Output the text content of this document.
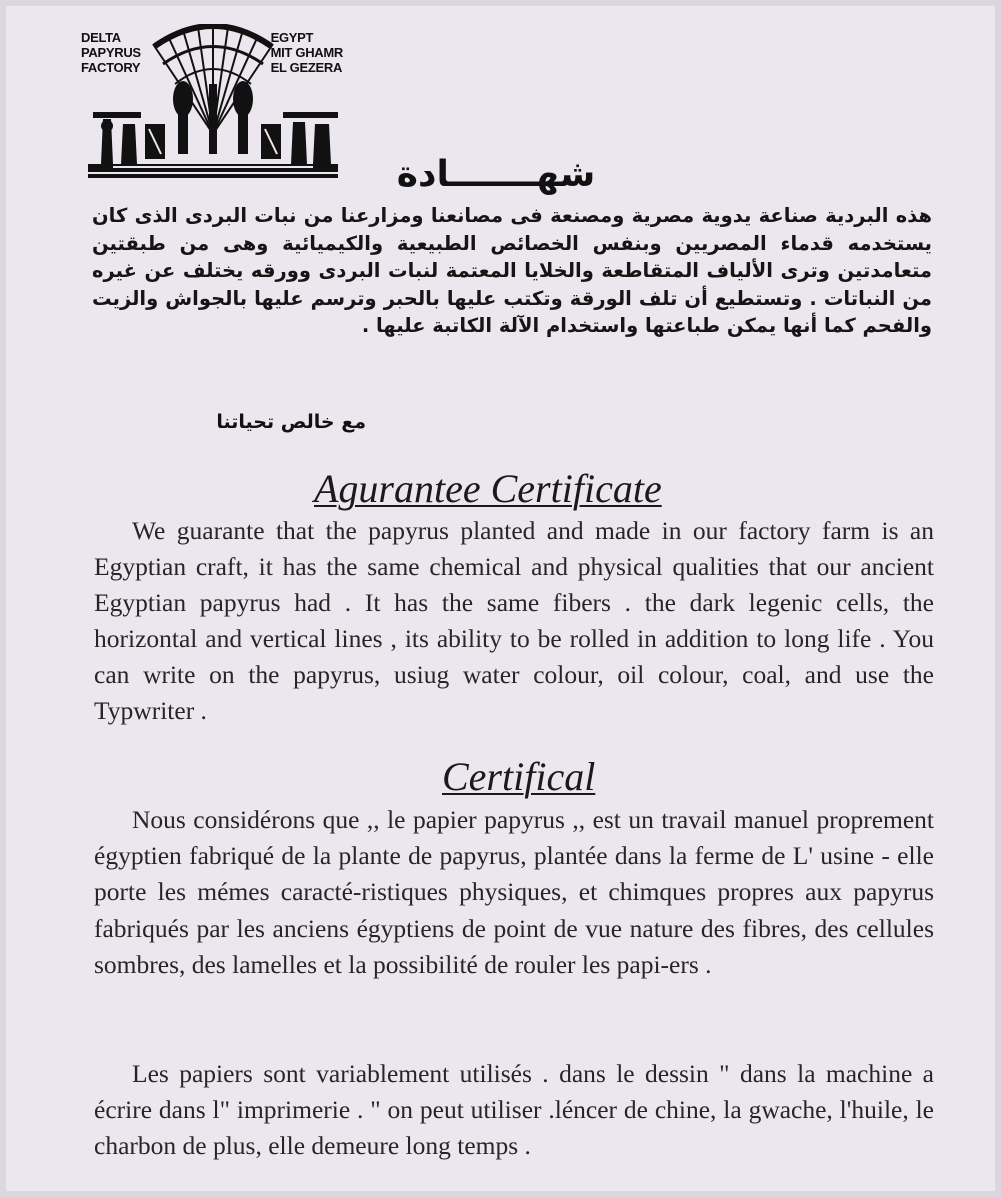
DELTA
PAPYRUS
FACTORY
EGYPT
MIT GHAMR
EL GEZERA
شهـــــــادة
هذه البردية صناعة يدوية مصرية ومصنعة فى مصانعنا ومزارعنا من نبات البردى الذى كان يستخدمه قدماء المصريين وبنفس الخصائص الطبيعية والكيميائية وهى من طبقتين متعامدتين وترى الألياف المتقاطعة والخلايا المعتمة لنبات البردى وورقه يختلف عن غيره من النباتات . وتستطيع أن تلف الورقة وتكتب عليها بالحبر وترسم عليها بالجواش والزيت والفحم كما أنها يمكن طباعتها واستخدام الآلة الكاتبة عليها .
مع خالص تحياتنا
Agurantee Certificate
We guarante that the papyrus planted and made in our factory farm is an Egyptian craft, it has the same chemical and physical qualities that our ancient Egyptian papyrus had . It has the same fibers . the dark legenic cells, the horizontal and vertical lines , its ability to be rolled in addition to long life . You can write on the papyrus, usiug water colour, oil colour, coal, and use the Typwriter .
Certifical
Nous considérons que ,, le papier papyrus ,, est un travail manuel proprement égyptien fabriqué de la plante de papyrus, plantée dans la ferme de L' usine - elle porte les mémes caracté-ristiques physiques, et chimques propres aux papyrus fabriqués par les anciens égyptiens de point de vue nature des fibres, des cellules sombres, des lamelles et la possibilité de rouler les papi-ers .
Les papiers sont variablement utilisés . dans le dessin " dans la machine a écrire dans l" imprimerie . " on peut utiliser .léncer de chine, la gwache, l'huile, le charbon de plus, elle demeure long temps .
